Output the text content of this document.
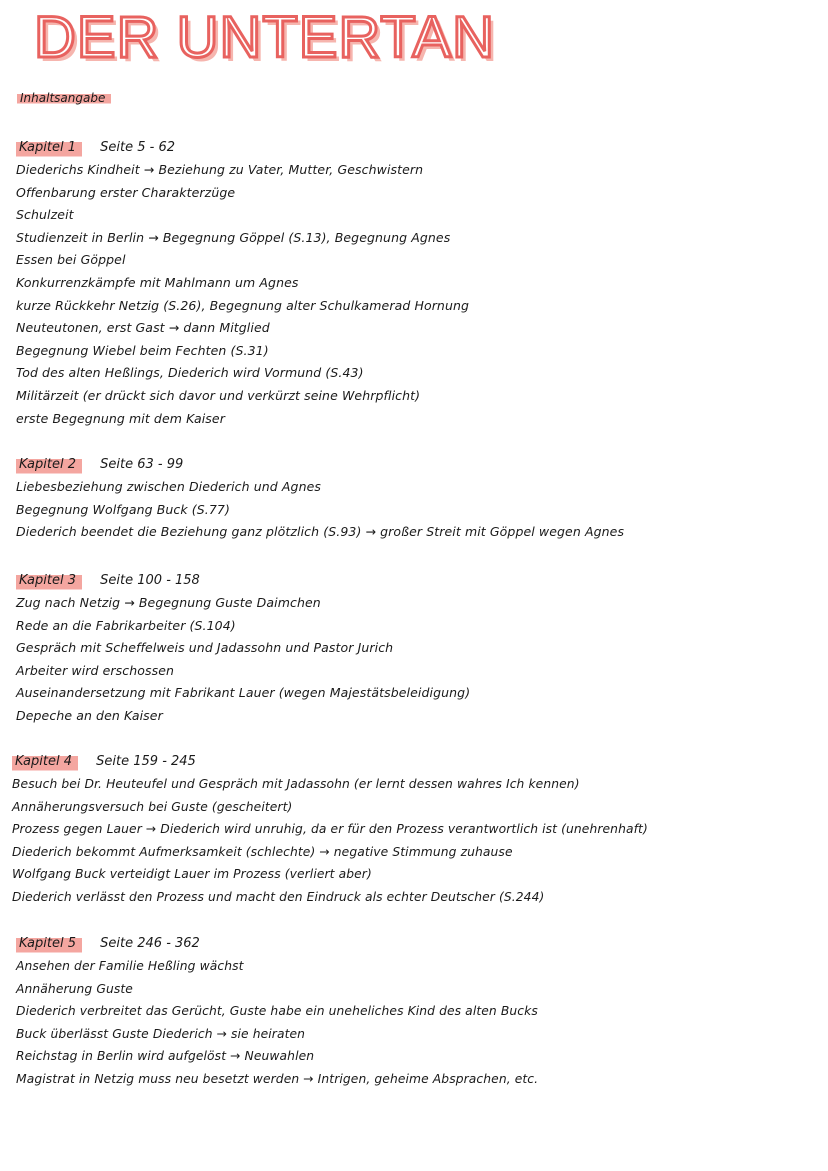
DER UNTERTAN
Inhaltsangabe
Kapitel 1 Seite 5 - 62
Diederichs Kindheit → Beziehung zu Vater, Mutter, Geschwistern
Offenbarung erster Charakterzüge
Schulzeit
Studienzeit in Berlin → Begegnung Göppel (S.13), Begegnung Agnes
Essen bei Göppel
Konkurrenzkämpfe mit Mahlmann um Agnes
kurze Rückkehr Netzig (S.26), Begegnung alter Schulkamerad Hornung
Neuteutonen, erst Gast → dann Mitglied
Begegnung Wiebel beim Fechten (S.31)
Tod des alten Heßlings, Diederich wird Vormund (S.43)
Militärzeit (er drückt sich davor und verkürzt seine Wehrpflicht)
erste Begegnung mit dem Kaiser
Kapitel 2 Seite 63 - 99
Liebesbeziehung zwischen Diederich und Agnes
Begegnung Wolfgang Buck (S.77)
Diederich beendet die Beziehung ganz plötzlich (S.93) → großer Streit mit Göppel wegen Agnes
Kapitel 3 Seite 100 - 158
Zug nach Netzig → Begegnung Guste Daimchen
Rede an die Fabrikarbeiter (S.104)
Gespräch mit Scheffelweis und Jadassohn und Pastor Jurich
Arbeiter wird erschossen
Auseinandersetzung mit Fabrikant Lauer (wegen Majestätsbeleidigung)
Depeche an den Kaiser
Kapitel 4 Seite 159 - 245
Besuch bei Dr. Heuteufel und Gespräch mit Jadassohn (er lernt dessen wahres Ich kennen)
Annäherungsversuch bei Guste (gescheitert)
Prozess gegen Lauer → Diederich wird unruhig, da er für den Prozess verantwortlich ist (unehrenhaft)
Diederich bekommt Aufmerksamkeit (schlechte) → negative Stimmung zuhause
Wolfgang Buck verteidigt Lauer im Prozess (verliert aber)
Diederich verlässt den Prozess und macht den Eindruck als echter Deutscher (S.244)
Kapitel 5 Seite 246 - 362
Ansehen der Familie Heßling wächst
Annäherung Guste
Diederich verbreitet das Gerücht, Guste habe ein uneheliches Kind des alten Bucks
Buck überlässt Guste Diederich → sie heiraten
Reichstag in Berlin wird aufgelöst → Neuwahlen
Magistrat in Netzig muss neu besetzt werden → Intrigen, geheime Absprachen, etc.
